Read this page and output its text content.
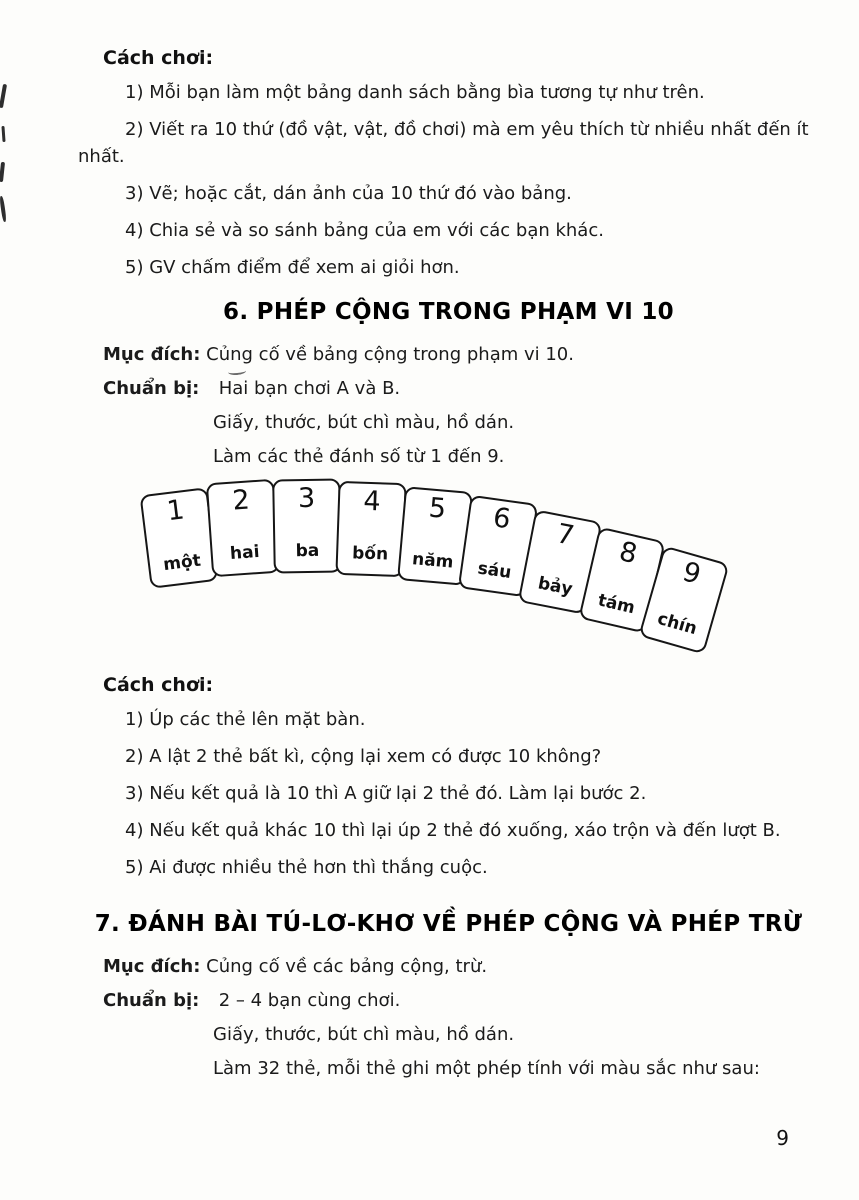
Cách chơi:

1) Mỗi bạn làm một bảng danh sách bằng bìa tương tự như trên.

2) Viết ra 10 thứ (đồ vật, vật, đồ chơi) mà em yêu thích từ nhiều nhất đến ít nhất.

3) Vẽ; hoặc cắt, dán ảnh của 10 thứ đó vào bảng.

4) Chia sẻ và so sánh bảng của em với các bạn khác.

5) GV chấm điểm để xem ai giỏi hơn.

6. PHÉP CỘNG TRONG PHẠM VI 10

Mục đích: Củng cố về bảng cộng trong phạm vi 10.

Chuẩn bị: Hai bạn chơi A và B.

Giấy, thước, bút chì màu, hồ dán.

Làm các thẻ đánh số từ 1 đến 9.

1
một
2
hai
3
ba
4
bốn
5
năm
6
sáu
7
bảy
8
tám
9
chín

Cách chơi:

1) Úp các thẻ lên mặt bàn.

2) A lật 2 thẻ bất kì, cộng lại xem có được 10 không?

3) Nếu kết quả là 10 thì A giữ lại 2 thẻ đó. Làm lại bước 2.

4) Nếu kết quả khác 10 thì lại úp 2 thẻ đó xuống, xáo trộn và đến lượt B.

5) Ai được nhiều thẻ hơn thì thắng cuộc.

7. ĐÁNH BÀI TÚ-LƠ-KHƠ VỀ PHÉP CỘNG VÀ PHÉP TRỪ

Mục đích: Củng cố về các bảng cộng, trừ.

Chuẩn bị: 2 – 4 bạn cùng chơi.

Giấy, thước, bút chì màu, hồ dán.

Làm 32 thẻ, mỗi thẻ ghi một phép tính với màu sắc như sau:

9
